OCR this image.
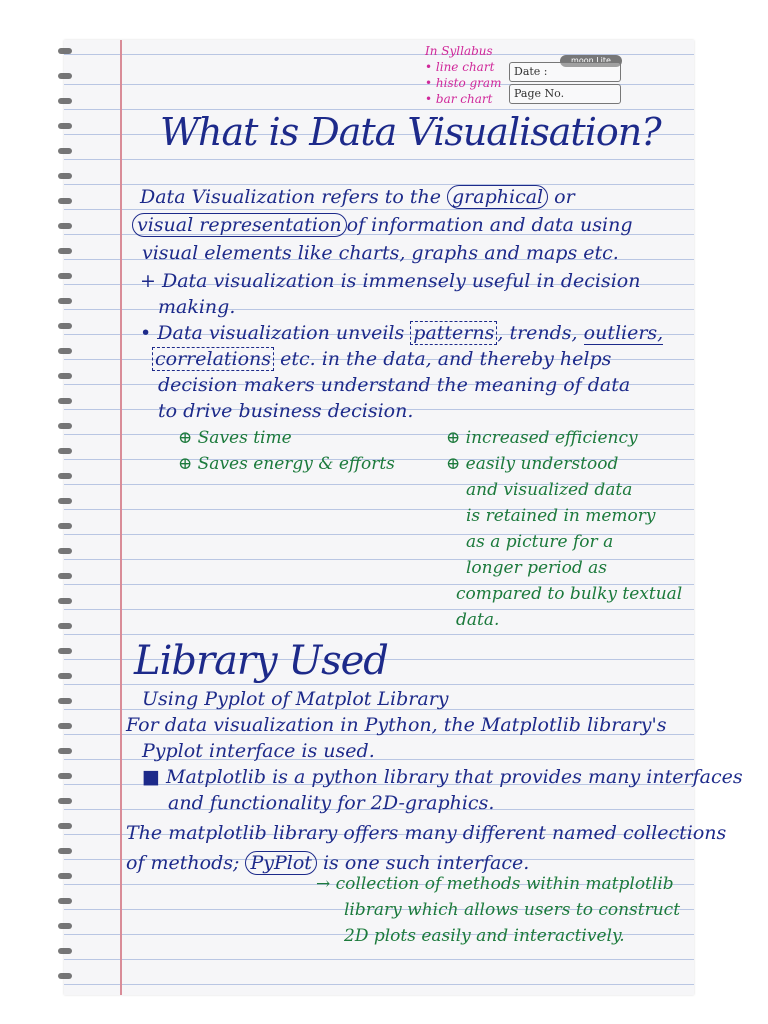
In Syllabus
• line chart
• histo gram
• bar chart
moon Lite
Date :
Page No.
What is Data Visualisation?
Data Visualization refers to the graphical or
visual representation of information and data using
visual elements like charts, graphs and maps etc.
+ Data visualization is immensely useful in decision
making.
• Data visualization unveils patterns , trends, outliers,
correlations etc. in the data, and thereby helps
decision makers understand the meaning of data
to drive business decision.
⊕ Saves time
⊕ Saves energy & efforts
⊕ increased efficiency
⊕ easily understood
and visualized data
is retained in memory
as a picture for a
longer period as
compared to bulky textual
data.
Library Used
Using Pyplot of Matplot Library
For data visualization in Python, the Matplotlib library's
Pyplot interface is used.
■ Matplotlib is a python library that provides many interfaces
and functionality for 2D-graphics.
The matplotlib library offers many different named collections
of methods; PyPlot is one such interface.
→ collection of methods within matplotlib
library which allows users to construct
2D plots easily and interactively.
